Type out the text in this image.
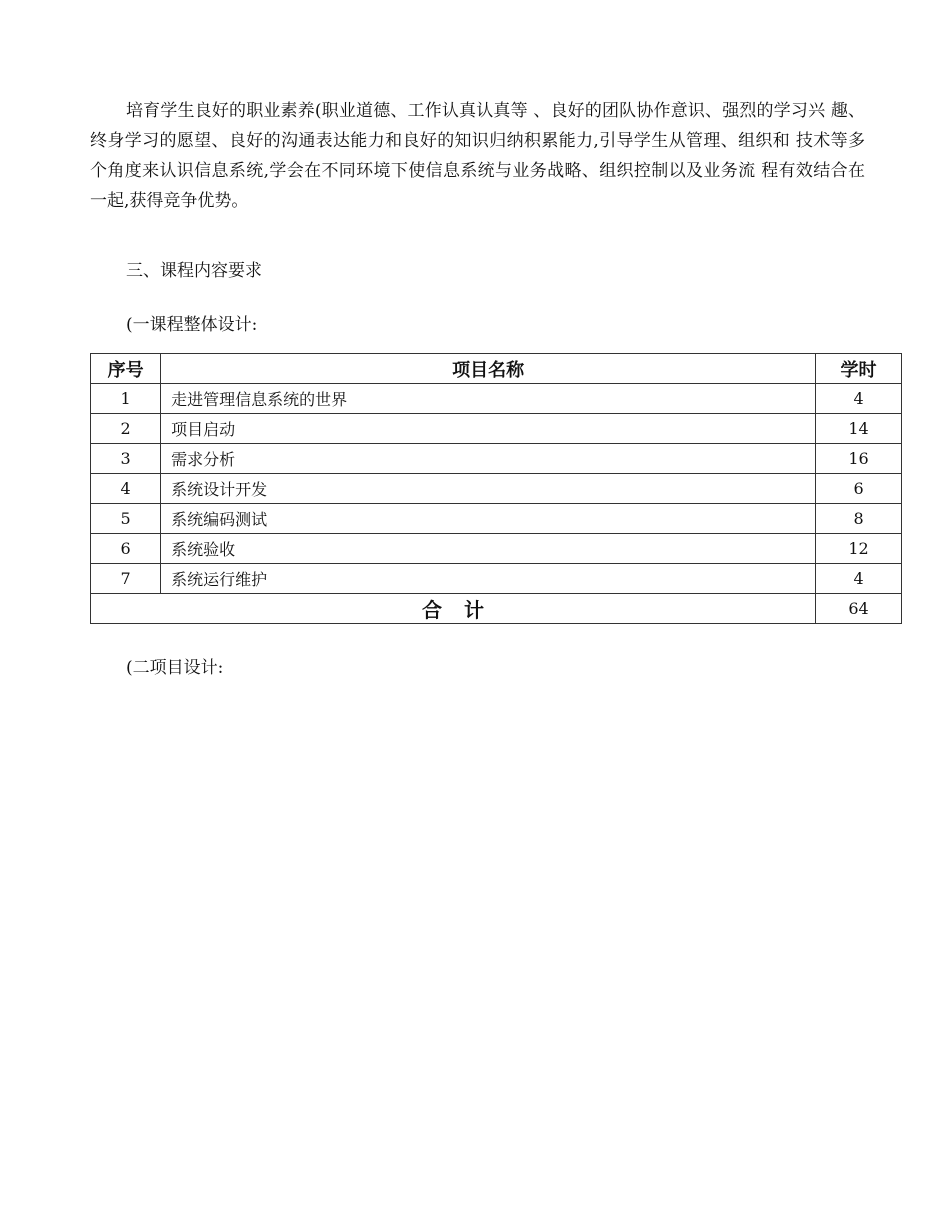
培育学生良好的职业素养(职业道德、工作认真认真等 、良好的团队协作意识、强烈的学习兴 趣、终身学习的愿望、良好的沟通表达能力和良好的知识归纳积累能力,引导学生从管理、组织和 技术等多个角度来认识信息系统,学会在不同环境下使信息系统与业务战略、组织控制以及业务流 程有效结合在一起,获得竞争优势。

三、课程内容要求

(一课程整体设计:

序号	项目名称	学时
1	走进管理信息系统的世界	4
2	项目启动	14
3	需求分析	16
4	系统设计开发	6
5	系统编码测试	8
6	系统验收	12
7	系统运行维护	4
合计		64

(二项目设计:
